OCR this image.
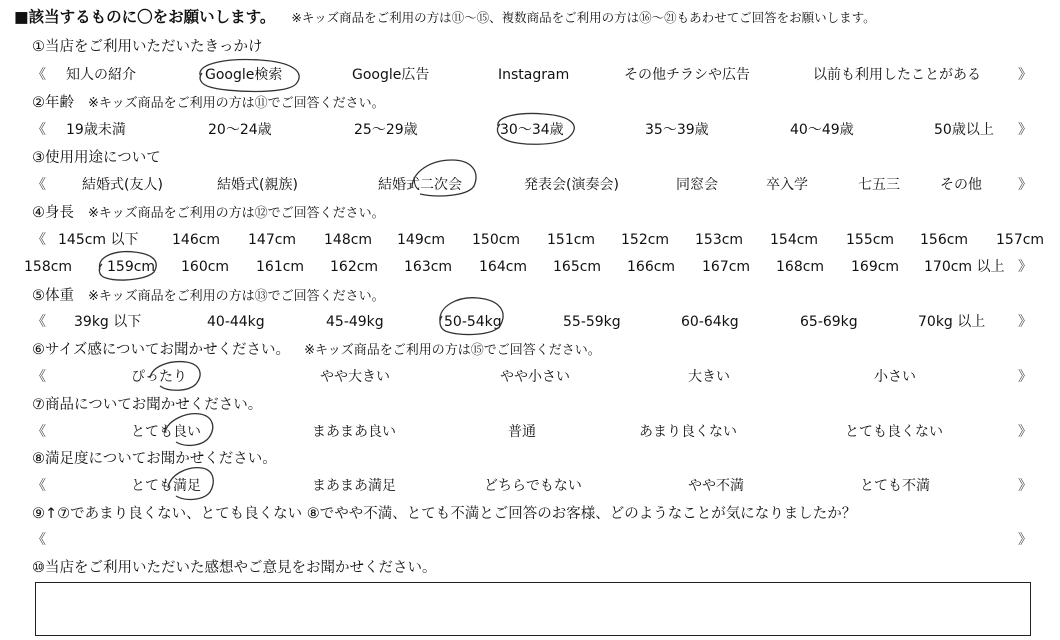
■該当するものに〇をお願いします。 ※キッズ商品をご利用の方は⑪〜⑮、複数商品をご利用の方は⑯〜㉑もあわせてご回答をお願いします。
①当店をご利用いただいたきっかけ
《 知人の紹介	Google検索	Google広告	Instagram	その他チラシや広告	以前も利用したことがある	》
②年齢 ※キッズ商品をご利用の方は⑪でご回答ください。
《 19歳未満	20〜24歳	25〜29歳	30〜34歳	35〜39歳	40〜49歳	50歳以上 》
③使用用途について
《	結婚式(友人)	結婚式(親族)	結婚式二次会	発表会(演奏会)	同窓会	卒入学	七五三	その他	》
④身長 ※キッズ商品をご利用の方は⑫でご回答ください。
《 145cm 以下 146cm 147cm 148cm 149cm 150cm 151cm 152cm 153cm 154cm 155cm 156cm 157cm
158cm 159cm 160cm 161cm 162cm 163cm 164cm 165cm 166cm 167cm 168cm 169cm 170cm 以上 》
⑤体重 ※キッズ商品をご利用の方は⑬でご回答ください。
《 39kg 以下	40-44kg	45-49kg	50-54kg	55-59kg	60-64kg	65-69kg	70kg 以上 》
⑥サイズ感についてお聞かせください。 ※キッズ商品をご利用の方は⑮でご回答ください。
《	ぴったり	やや大きい	やや小さい	大きい	小さい	》
⑦商品についてお聞かせください。
《	とても良い	まあまあ良い	普通	あまり良くない	とても良くない	》
⑧満足度についてお聞かせください。
《	とても満足	まあまあ満足	どちらでもない	やや不満	とても不満	》
⑨↑⑦であまり良くない、とても良くない ⑧でやや不満、とても不満とご回答のお客様、どのようなことが気になりましたか？
《	》
⑩当店をご利用いただいた感想やご意見をお聞かせください。
